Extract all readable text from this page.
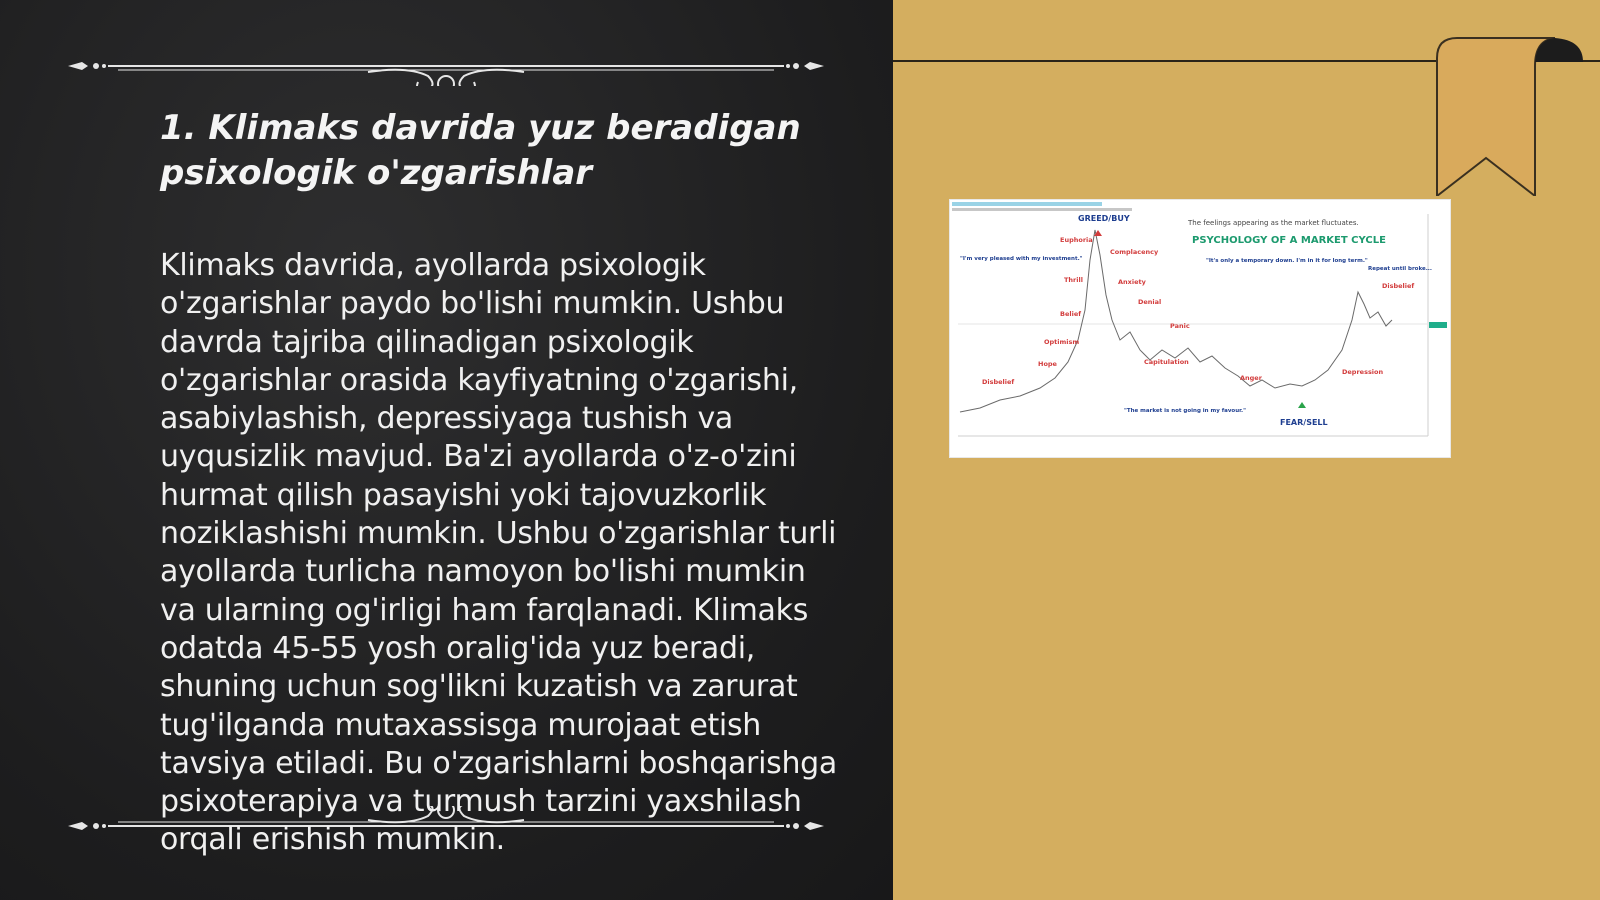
1. Klimaks davrida yuz beradigan psixologik o'zgarishlar

Klimaks davrida, ayollarda psixologik o'zgarishlar paydo bo'lishi mumkin. Ushbu davrda tajriba qilinadigan psixologik o'zgarishlar orasida kayfiyatning o'zgarishi, asabiylashish, depressiyaga tushish va uyqusizlik mavjud. Ba'zi ayollarda o'z-o'zini hurmat qilish pasayishi yoki tajovuzkorlik noziklashishi mumkin. Ushbu o'zgarishlar turli ayollarda turlicha namoyon bo'lishi mumkin va ularning og'irligi ham farqlanadi. Klimaks odatda 45-55 yosh oralig'ida yuz beradi, shuning uchun sog'likni kuzatish va zarurat tug'ilganda mutaxassisga murojaat etish tavsiya etiladi. Bu o'zgarishlarni boshqarishga psixoterapiya va turmush tarzini yaxshilash orqali erishish mumkin.

GREED/BUY	The feelings appearing as the market fluctuates.
PSYCHOLOGY OF A MARKET CYCLE
FEAR/SELL
Disbelief
Hope
Optimism
Belief
Thrill
Euphoria
Complacency
Anxiety
Denial
Panic
Capitulation
Anger
Depression
Disbelief
"I'm very pleased with my investment."	"It's only a temporary down. I'm in it for long term."
"The market is not going in my favour."
Repeat until broke...
